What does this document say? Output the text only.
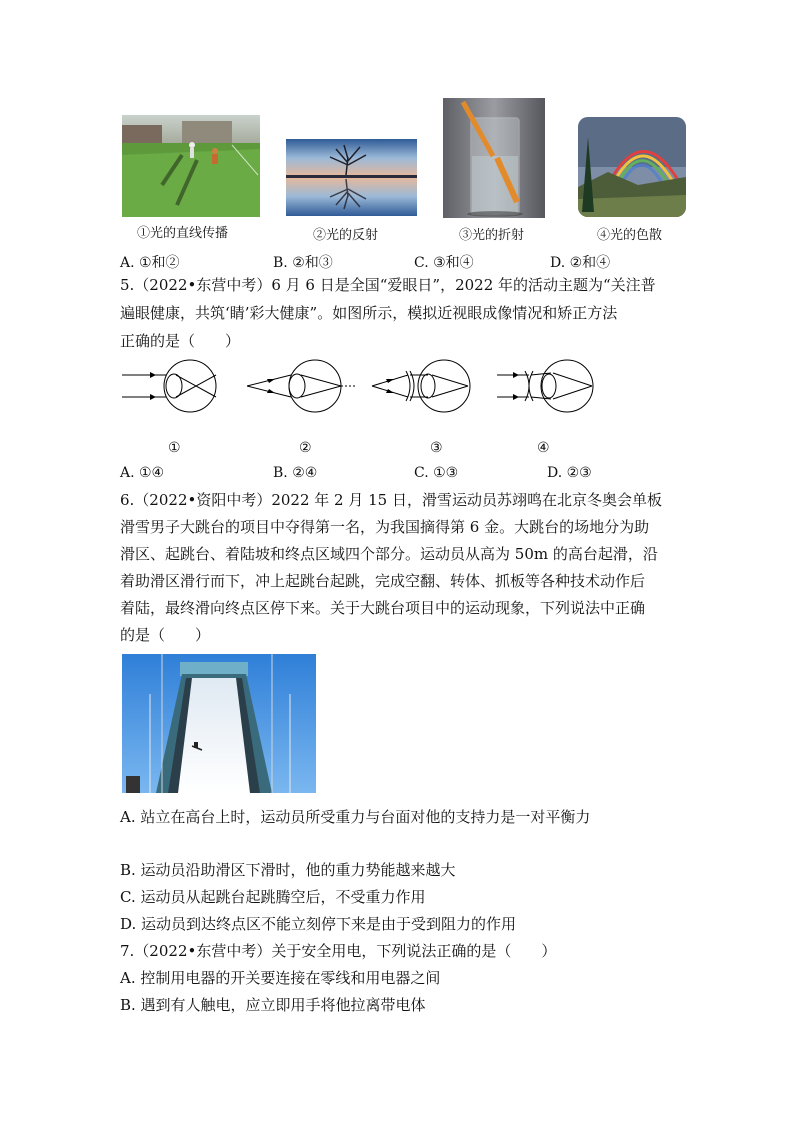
①光的直线传播	②光的反射	③光的折射	④光的色散
A. ①和②	B. ②和③	C. ③和④	D. ②和④
5.（2022•东营中考）6 月 6 日是全国“爱眼日”，2022 年的活动主题为“关注普
遍眼健康，共筑‘睛’彩大健康”。如图所示，模拟近视眼成像情况和矫正方法
正确的是（　　）
①	②	③	④
A. ①④	B. ②④	C. ①③	D. ②③
6.（2022•资阳中考）2022 年 2 月 15 日，滑雪运动员苏翊鸣在北京冬奥会单板
滑雪男子大跳台的项目中夺得第一名，为我国摘得第 6 金。大跳台的场地分为助
滑区、起跳台、着陆坡和终点区域四个部分。运动员从高为 50m 的高台起滑，沿
着助滑区滑行而下，冲上起跳台起跳，完成空翻、转体、抓板等各种技术动作后
着陆，最终滑向终点区停下来。关于大跳台项目中的运动现象，下列说法中正确
的是（　　）
A. 站立在高台上时，运动员所受重力与台面对他的支持力是一对平衡力
B. 运动员沿助滑区下滑时，他的重力势能越来越大
C. 运动员从起跳台起跳腾空后，不受重力作用
D. 运动员到达终点区不能立刻停下来是由于受到阻力的作用
7.（2022•东营中考）关于安全用电，下列说法正确的是（　　）
A. 控制用电器的开关要连接在零线和用电器之间
B. 遇到有人触电，应立即用手将他拉离带电体
